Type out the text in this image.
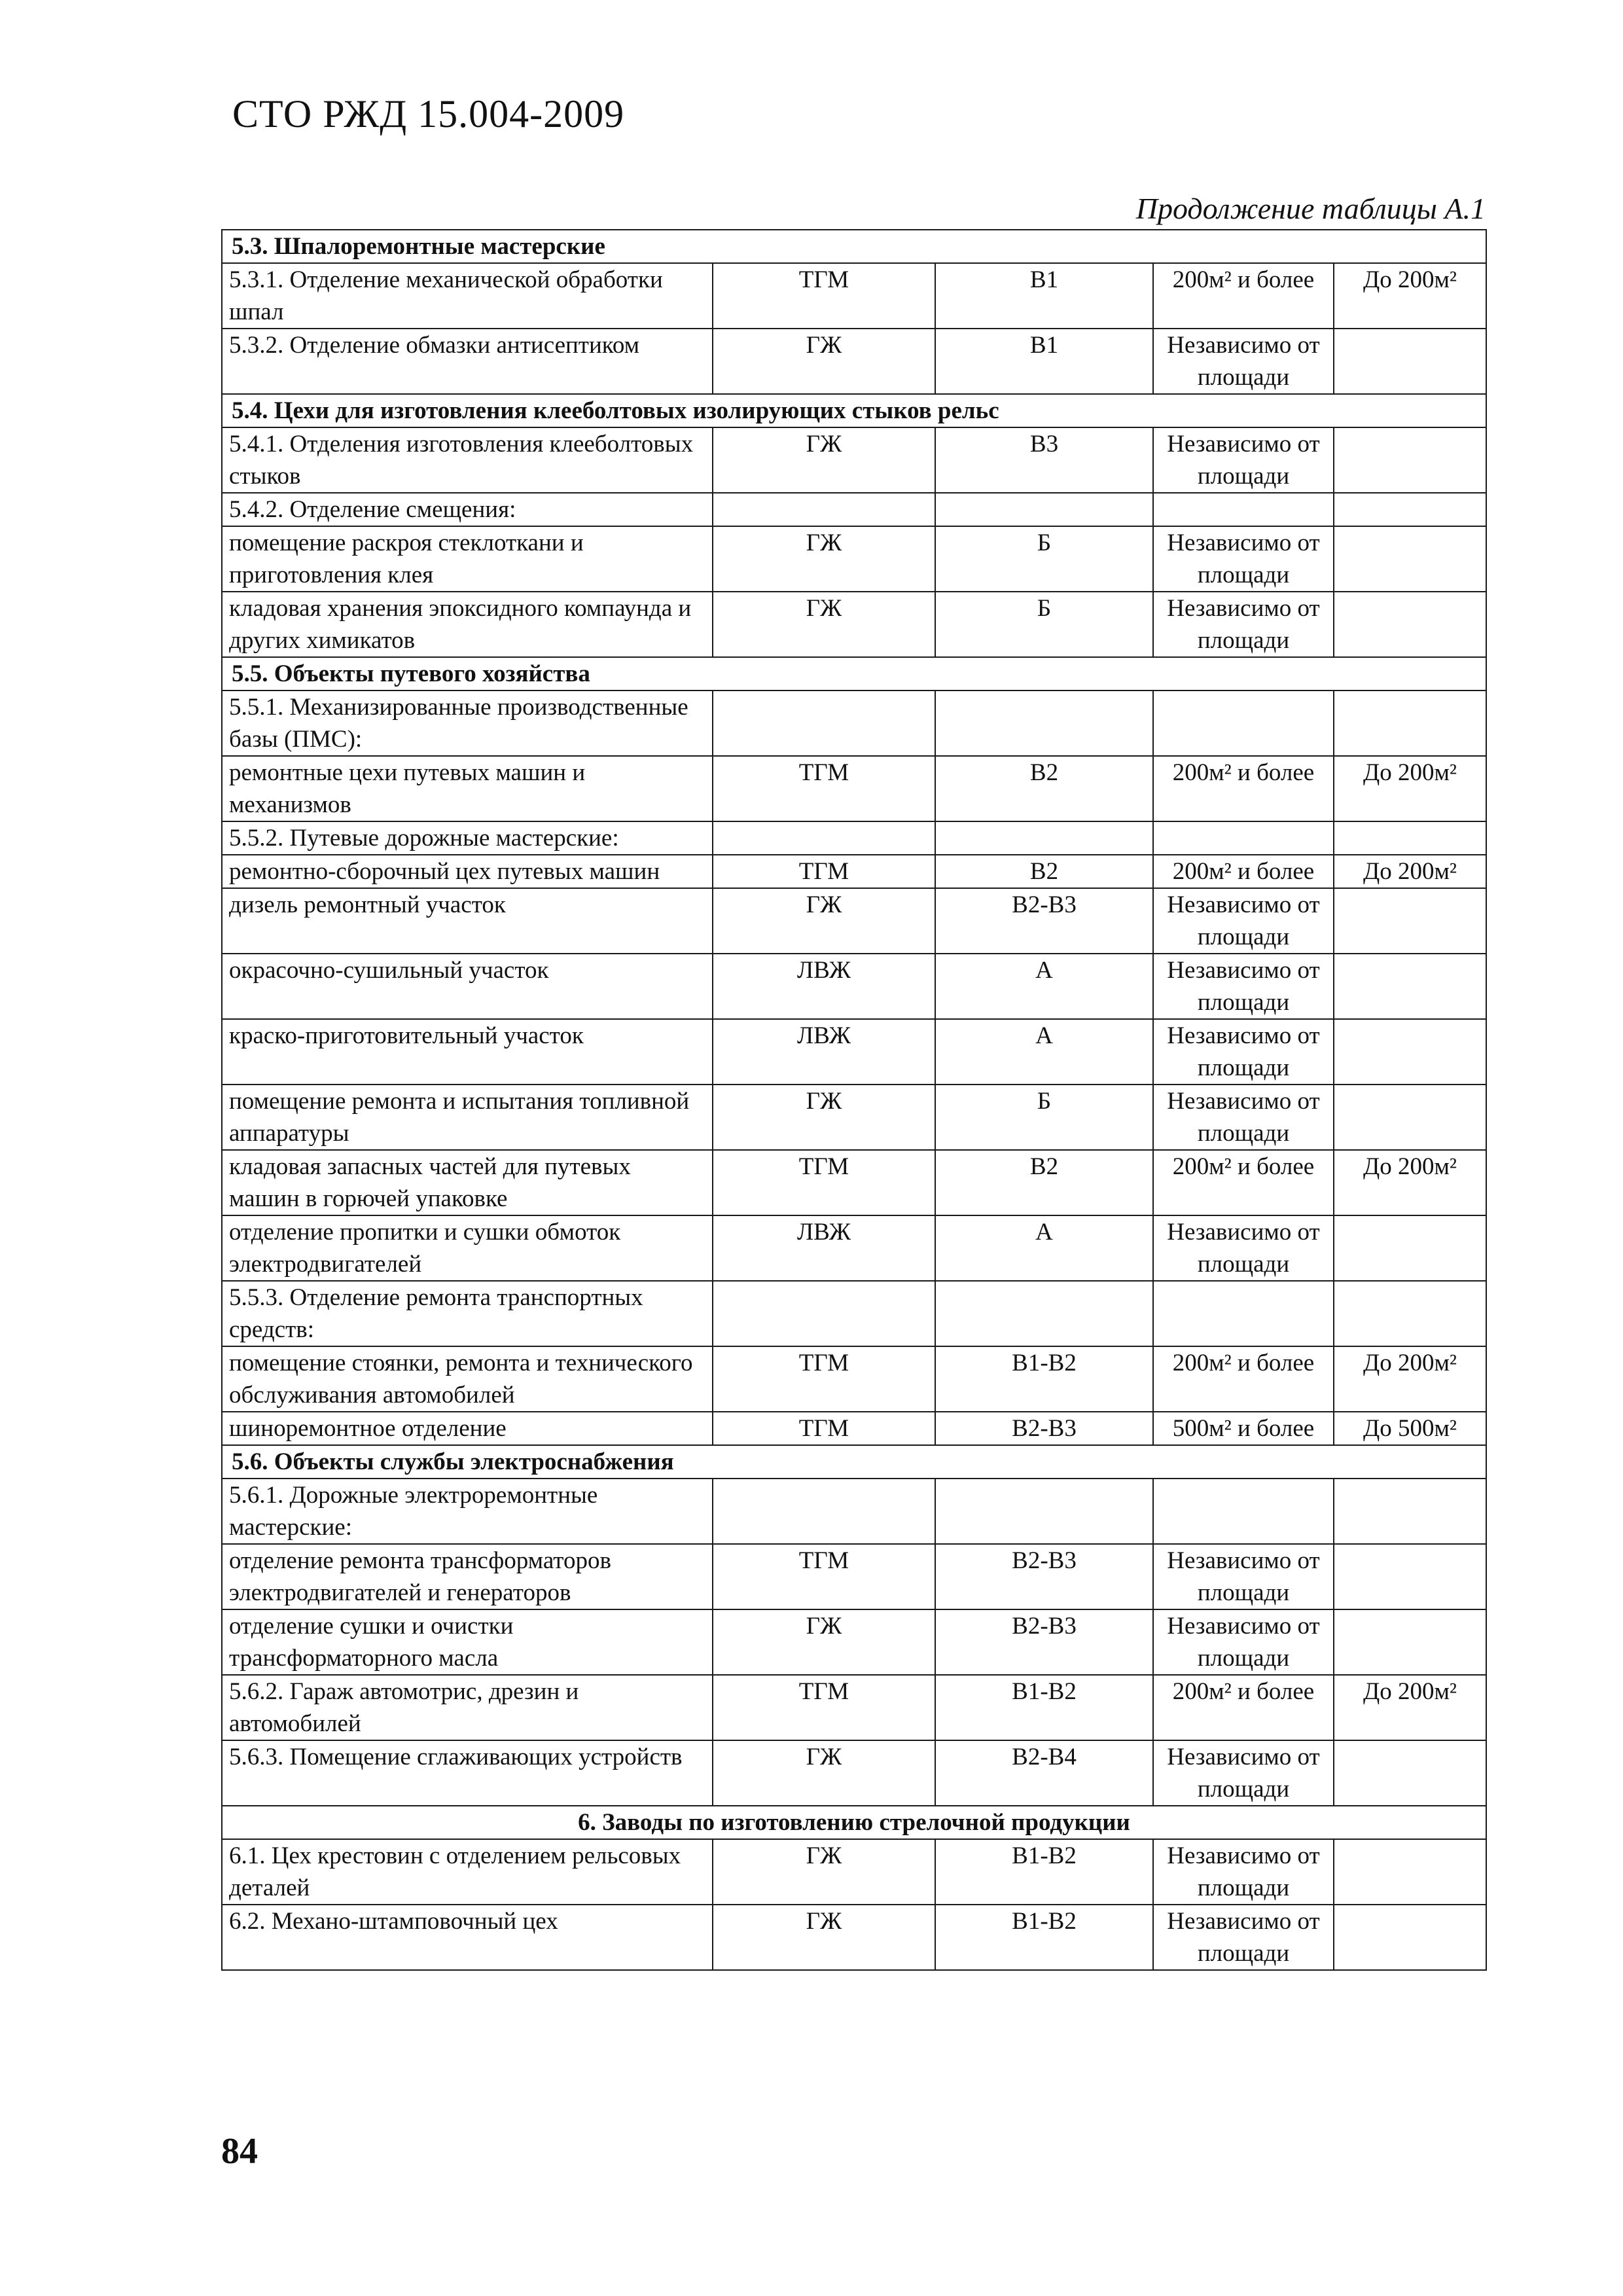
СТО РЖД 15.004-2009
Продолжение таблицы А.1
5.3. Шпалоремонтные мастерские				
5.3.1. Отделение механической обработки шпал	ТГМ	В1	200м² и более	До 200м²
5.3.2. Отделение обмазки антисептиком	ГЖ	В1	Независимо от площади	
5.4. Цехи для изготовления клееболтовых изолирующих стыков рельс				
5.4.1. Отделения изготовления клееболтовых стыков	ГЖ	В3	Независимо от площади	
5.4.2. Отделение смещения:				
помещение раскроя стеклоткани и приготовления клея	ГЖ	Б	Независимо от площади	
кладовая хранения эпоксидного компаунда и других химикатов	ГЖ	Б	Независимо от площади	
5.5. Объекты путевого хозяйства				
5.5.1. Механизированные производственные базы (ПМС):				
ремонтные цехи путевых машин и механизмов	ТГМ	В2	200м² и более	До 200м²
5.5.2. Путевые дорожные мастерские:				
ремонтно-сборочный цех путевых машин	ТГМ	В2	200м² и более	До 200м²
дизель ремонтный участок	ГЖ	В2-В3	Независимо от площади	
окрасочно-сушильный участок	ЛВЖ	А	Независимо от площади	
краско-приготовительный участок	ЛВЖ	А	Независимо от площади	
помещение ремонта и испытания топливной аппаратуры	ГЖ	Б	Независимо от площади	
кладовая запасных частей для путевых машин в горючей упаковке	ТГМ	В2	200м² и более	До 200м²
отделение пропитки и сушки обмоток электродвигателей	ЛВЖ	А	Независимо от площади	
5.5.3. Отделение ремонта транспортных средств:				
помещение стоянки, ремонта и технического обслуживания автомобилей	ТГМ	В1-В2	200м² и более	До 200м²
шиноремонтное отделение	ТГМ	В2-В3	500м² и более	До 500м²
5.6. Объекты службы электроснабжения				
5.6.1. Дорожные электроремонтные мастерские:				
отделение ремонта трансформаторов электродвигателей и генераторов	ТГМ	В2-В3	Независимо от площади	
отделение сушки и очистки трансформаторного масла	ГЖ	В2-В3	Независимо от площади	
5.6.2. Гараж автомотрис, дрезин и автомобилей	ТГМ	В1-В2	200м² и более	До 200м²
5.6.3. Помещение сглаживающих устройств	ГЖ	В2-В4	Независимо от площади	
6. Заводы по изготовлению стрелочной продукции				
6.1. Цех крестовин с отделением рельсовых деталей	ГЖ	В1-В2	Независимо от площади	
6.2. Механо-штамповочный цех	ГЖ	В1-В2	Независимо от площади	
84
